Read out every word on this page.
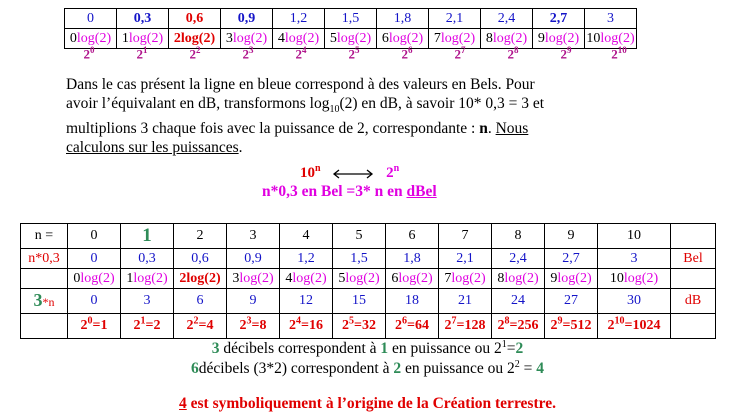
0	0,3	0,6	0,9	1,2	1,5	1,8	2,1	2,4	2,7	3
0log(2)	1log(2)	2log(2)	3log(2)	4log(2)	5log(2)	6log(2)	7log(2)	8log(2)	9log(2)	10log(2)
$2^0$	$2^1$	$2^2$	$2^3$	$2^4$	$2^5$	$2^6$	$2^7$	$2^8$	$2^9$	$2^{10}$
Dans le cas présent la ligne en bleue correspond à des valeurs en Bels. Pour
avoir l’équivalant en dB, transformons $\log_{10}(2)$ en dB, à savoir 10* 0,3 = 3 et
multiplions 3 chaque fois avec la puissance de 2, correspondante : n. Nous
calculons sur les puissances.
10$^n$	2$^n$
n*0,3 en Bel =3* n en dBel
n =	0	1	2	3	4	5	6	7	8	9	10	
n*0,3	0	0,3	0,6	0,9	1,2	1,5	1,8	2,1	2,4	2,7	3	Bel
	0log(2)	1log(2)	2log(2)	3log(2)	4log(2)	5log(2)	6log(2)	7log(2)	8log(2)	9log(2)	10log(2)	
3*n	0	3	6	9	12	15	18	21	24	27	30	dB
	$2^0=1$	$2^1=2$	$2^2=4$	$2^3=8$	$2^4=16$	$2^5=32$	$2^6=64$	$2^7=128$	$2^8=256$	$2^9=512$	$2^{10}=1024$	
3 décibels correspondent à 1 en puissance ou $2^1=2$
6décibels (3*2) correspondent à 2 en puissance ou $2^2 = 4$
4 est symboliquement à l’origine de la Création terrestre.
